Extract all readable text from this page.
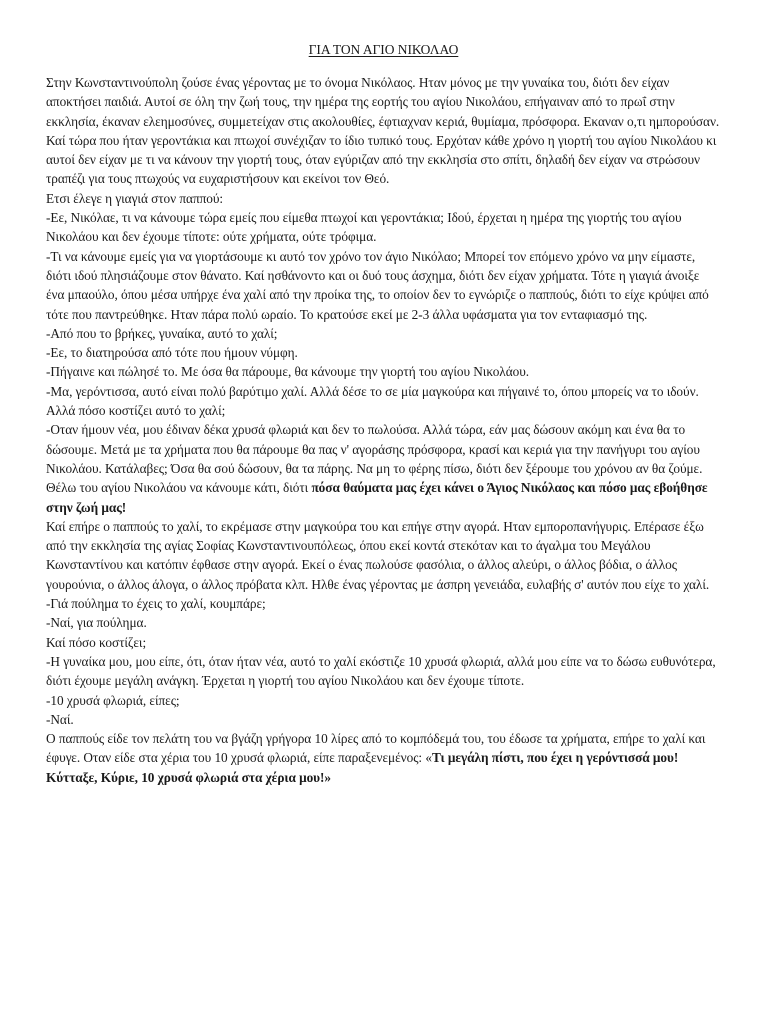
ΓΙΑ ΤΟΝ ΑΓΙΟ ΝΙΚΟΛΑΟ

Στην Κωνσταντινούπολη ζούσε ένας γέροντας με το όνομα Νικόλαος. Ηταν μόνος με την γυναίκα του, διότι δεν είχαν αποκτήσει παιδιά. Αυτοί σε όλη την ζωή τους, την ημέρα της εορτής του αγίου Νικολάου, επήγαιναν από το πρωΐ στην εκκλησία, έκαναν ελεημοσύνες, συμμετείχαν στις ακολουθίες, έφτιαχναν κεριά, θυμίαμα, πρόσφορα. Εκαναν ο,τι ημπορούσαν. Καί τώρα που ήταν γεροντάκια και πτωχοί συνέχιζαν το ίδιο τυπικό τους. Ερχόταν κάθε χρόνο η γιορτή του αγίου Νικολάου κι αυτοί δεν είχαν με τι να κάνουν την γιορτή τους, όταν εγύριζαν από την εκκλησία στο σπίτι, δηλαδή δεν είχαν να στρώσουν τραπέζι για τους πτωχούς να ευχαριστήσουν και εκείνοι τον Θεό.

Ετσι έλεγε η γιαγιά στον παππού:

-Εε, Νικόλαε, τι να κάνουμε τώρα εμείς που είμεθα πτωχοί και γεροντάκια; Ιδού, έρχεται η ημέρα της γιορτής του αγίου Νικολάου και δεν έχουμε τίποτε: ούτε χρήματα, ούτε τρόφιμα.

-Τι να κάνουμε εμείς για να γιορτάσουμε κι αυτό τον χρόνο τον άγιο Νικόλαο; Μπορεί τον επόμενο χρόνο να μην είμαστε, διότι ιδού πλησιάζουμε στον θάνατο. Καί ησθάνοντο και οι δυό τους άσχημα, διότι δεν είχαν χρήματα. Τότε η γιαγιά άνοιξε ένα μπαούλο, όπου μέσα υπήρχε ένα χαλί από την προίκα της, το οποίον δεν το εγνώριζε ο παππούς, διότι το είχε κρύψει από τότε που παντρεύθηκε. Ηταν πάρα πολύ ωραίο. Το κρατούσε εκεί με 2-3 άλλα υφάσματα για τον ενταφιασμό της.

-Από που το βρήκες, γυναίκα, αυτό το χαλί;

-Εε, το διατηρούσα από τότε που ήμουν νύμφη.

-Πήγαινε και πώλησέ το. Με όσα θα πάρουμε, θα κάνουμε την γιορτή του αγίου Νικολάου.

-Μα, γερόντισσα, αυτό είναι πολύ βαρύτιμο χαλί. Αλλά δέσε το σε μία μαγκούρα και πήγαινέ το, όπου μπορείς να το ιδούν. Αλλά πόσο κοστίζει αυτό το χαλί;

-Οταν ήμουν νέα, μου έδιναν δέκα χρυσά φλωριά και δεν το πωλούσα. Αλλά τώρα, εάν μας δώσουν ακόμη και ένα θα το δώσουμε. Μετά με τα χρήματα που θα πάρουμε θα πας ν' αγοράσης πρόσφορα, κρασί και κεριά για την πανήγυρι του αγίου Νικολάου. Κατάλαβες; Όσα θα σού δώσουν, θα τα πάρης. Να μη το φέρης πίσω, διότι δεν ξέρουμε του χρόνου αν θα ζούμε. Θέλω του αγίου Νικολάου να κάνουμε κάτι, διότι πόσα θαύματα μας έχει κάνει ο Άγιος Νικόλαος και πόσο μας εβοήθησε στην ζωή μας!

Καί επήρε ο παππούς το χαλί, το εκρέμασε στην μαγκούρα του και επήγε στην αγορά. Ηταν εμποροπανήγυρις. Επέρασε έξω από την εκκλησία της αγίας Σοφίας Κωνσταντινουπόλεως, όπου εκεί κοντά στεκόταν και το άγαλμα του Μεγάλου Κωνσταντίνου και κατόπιν έφθασε στην αγορά. Εκεί ο ένας πωλούσε φασόλια, ο άλλος αλεύρι, ο άλλος βόδια, ο άλλος γουρούνια, ο άλλος άλογα, ο άλλος πρόβατα κλπ. Ηλθε ένας γέροντας με άσπρη γενειάδα, ευλαβής σ' αυτόν που είχε το χαλί.

-Γιά πούλημα το έχεις το χαλί, κουμπάρε;

-Ναί, για πούλημα.

Καί πόσο κοστίζει;

-Η γυναίκα μου, μου είπε, ότι, όταν ήταν νέα, αυτό το χαλί εκόστιζε 10 χρυσά φλωριά, αλλά μου είπε να το δώσω ευθυνότερα, διότι έχουμε μεγάλη ανάγκη. Έρχεται η γιορτή του αγίου Νικολάου και δεν έχουμε τίποτε.

-10 χρυσά φλωριά, είπες;

-Ναί.

Ο παππούς είδε τον πελάτη του να βγάζη γρήγορα 10 λίρες από το κομπόδεμά του, του έδωσε τα χρήματα, επήρε το χαλί και έφυγε. Οταν είδε στα χέρια του 10 χρυσά φλωριά, είπε παραξενεμένος: «Τι μεγάλη πίστι, που έχει η γερόντισσά μου! Κύτταξε, Κύριε, 10 χρυσά φλωριά στα χέρια μου!»
